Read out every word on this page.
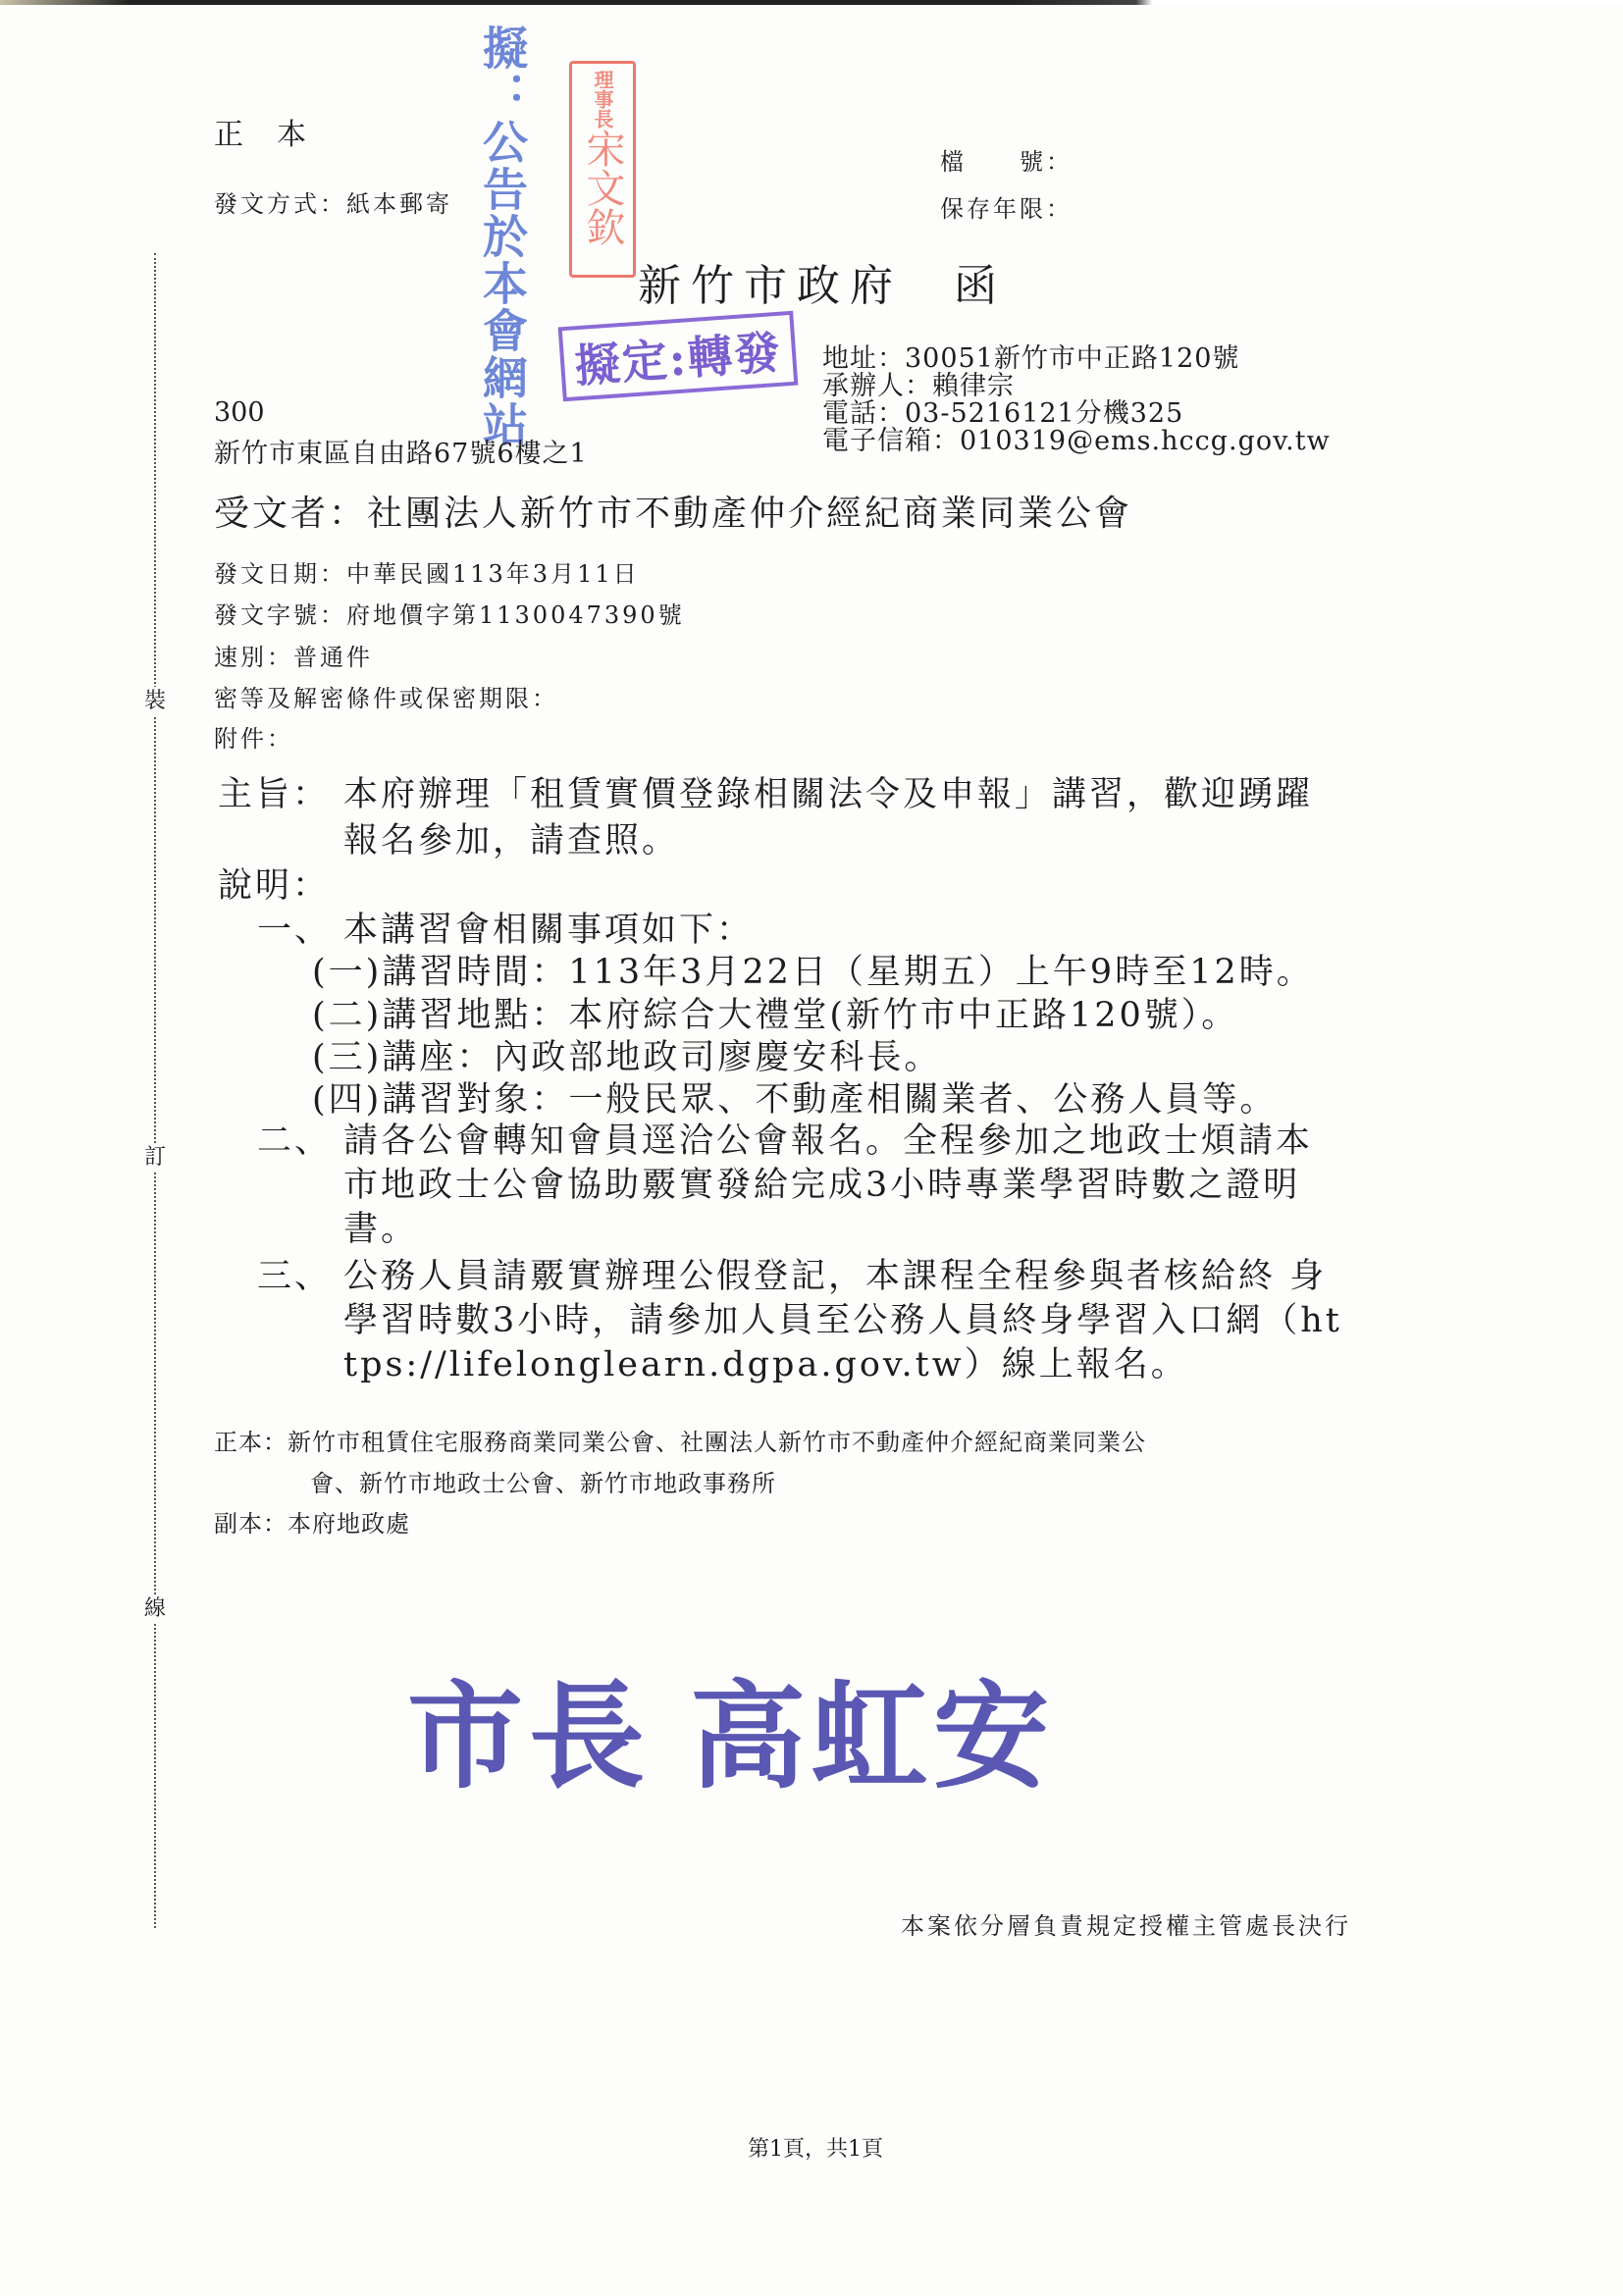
裝
訂
線
正　本
發文方式：紙本郵寄
檔　　號：
保存年限：
新竹市政府 函
擬：公告於本會網站	理事長
宋文欽
擬定:轉發	地址：30051新竹市中正路120號
承辦人：賴律宗
電話：03-5216121分機325
電子信箱：010319@ems.hccg.gov.tw
300
新竹市東區自由路67號6樓之1
受文者：社團法人新竹市不動產仲介經紀商業同業公會
發文日期：中華民國113年3月11日
發文字號：府地價字第1130047390號
速別：普通件
密等及解密條件或保密期限：
附件：
主旨： 本府辦理「租賃實價登錄相關法令及申報」講習，歡迎踴躍
報名參加，請查照。
說明：
一、 本講習會相關事項如下：
(一)講習時間：113年3月22日（星期五）上午9時至12時。
(二)講習地點：本府綜合大禮堂(新竹市中正路120號）。
(三)講座：內政部地政司廖慶安科長。
(四)講習對象：一般民眾、不動產相關業者、公務人員等。
二、 請各公會轉知會員逕洽公會報名。全程參加之地政士煩請本
市地政士公會協助覈實發給完成3小時專業學習時數之證明
書。
三、 公務人員請覈實辦理公假登記，本課程全程參與者核給終 身
學習時數3小時，請參加人員至公務人員終身學習入口網（ht
tps://lifelonglearn.dgpa.gov.tw）線上報名。
正本：新竹市租賃住宅服務商業同業公會、社團法人新竹市不動產仲介經紀商業同業公
會、新竹市地政士公會、新竹市地政事務所
副本：本府地政處
市長 高虹安
本案依分層負責規定授權主管處長決行
第1頁，共1頁
